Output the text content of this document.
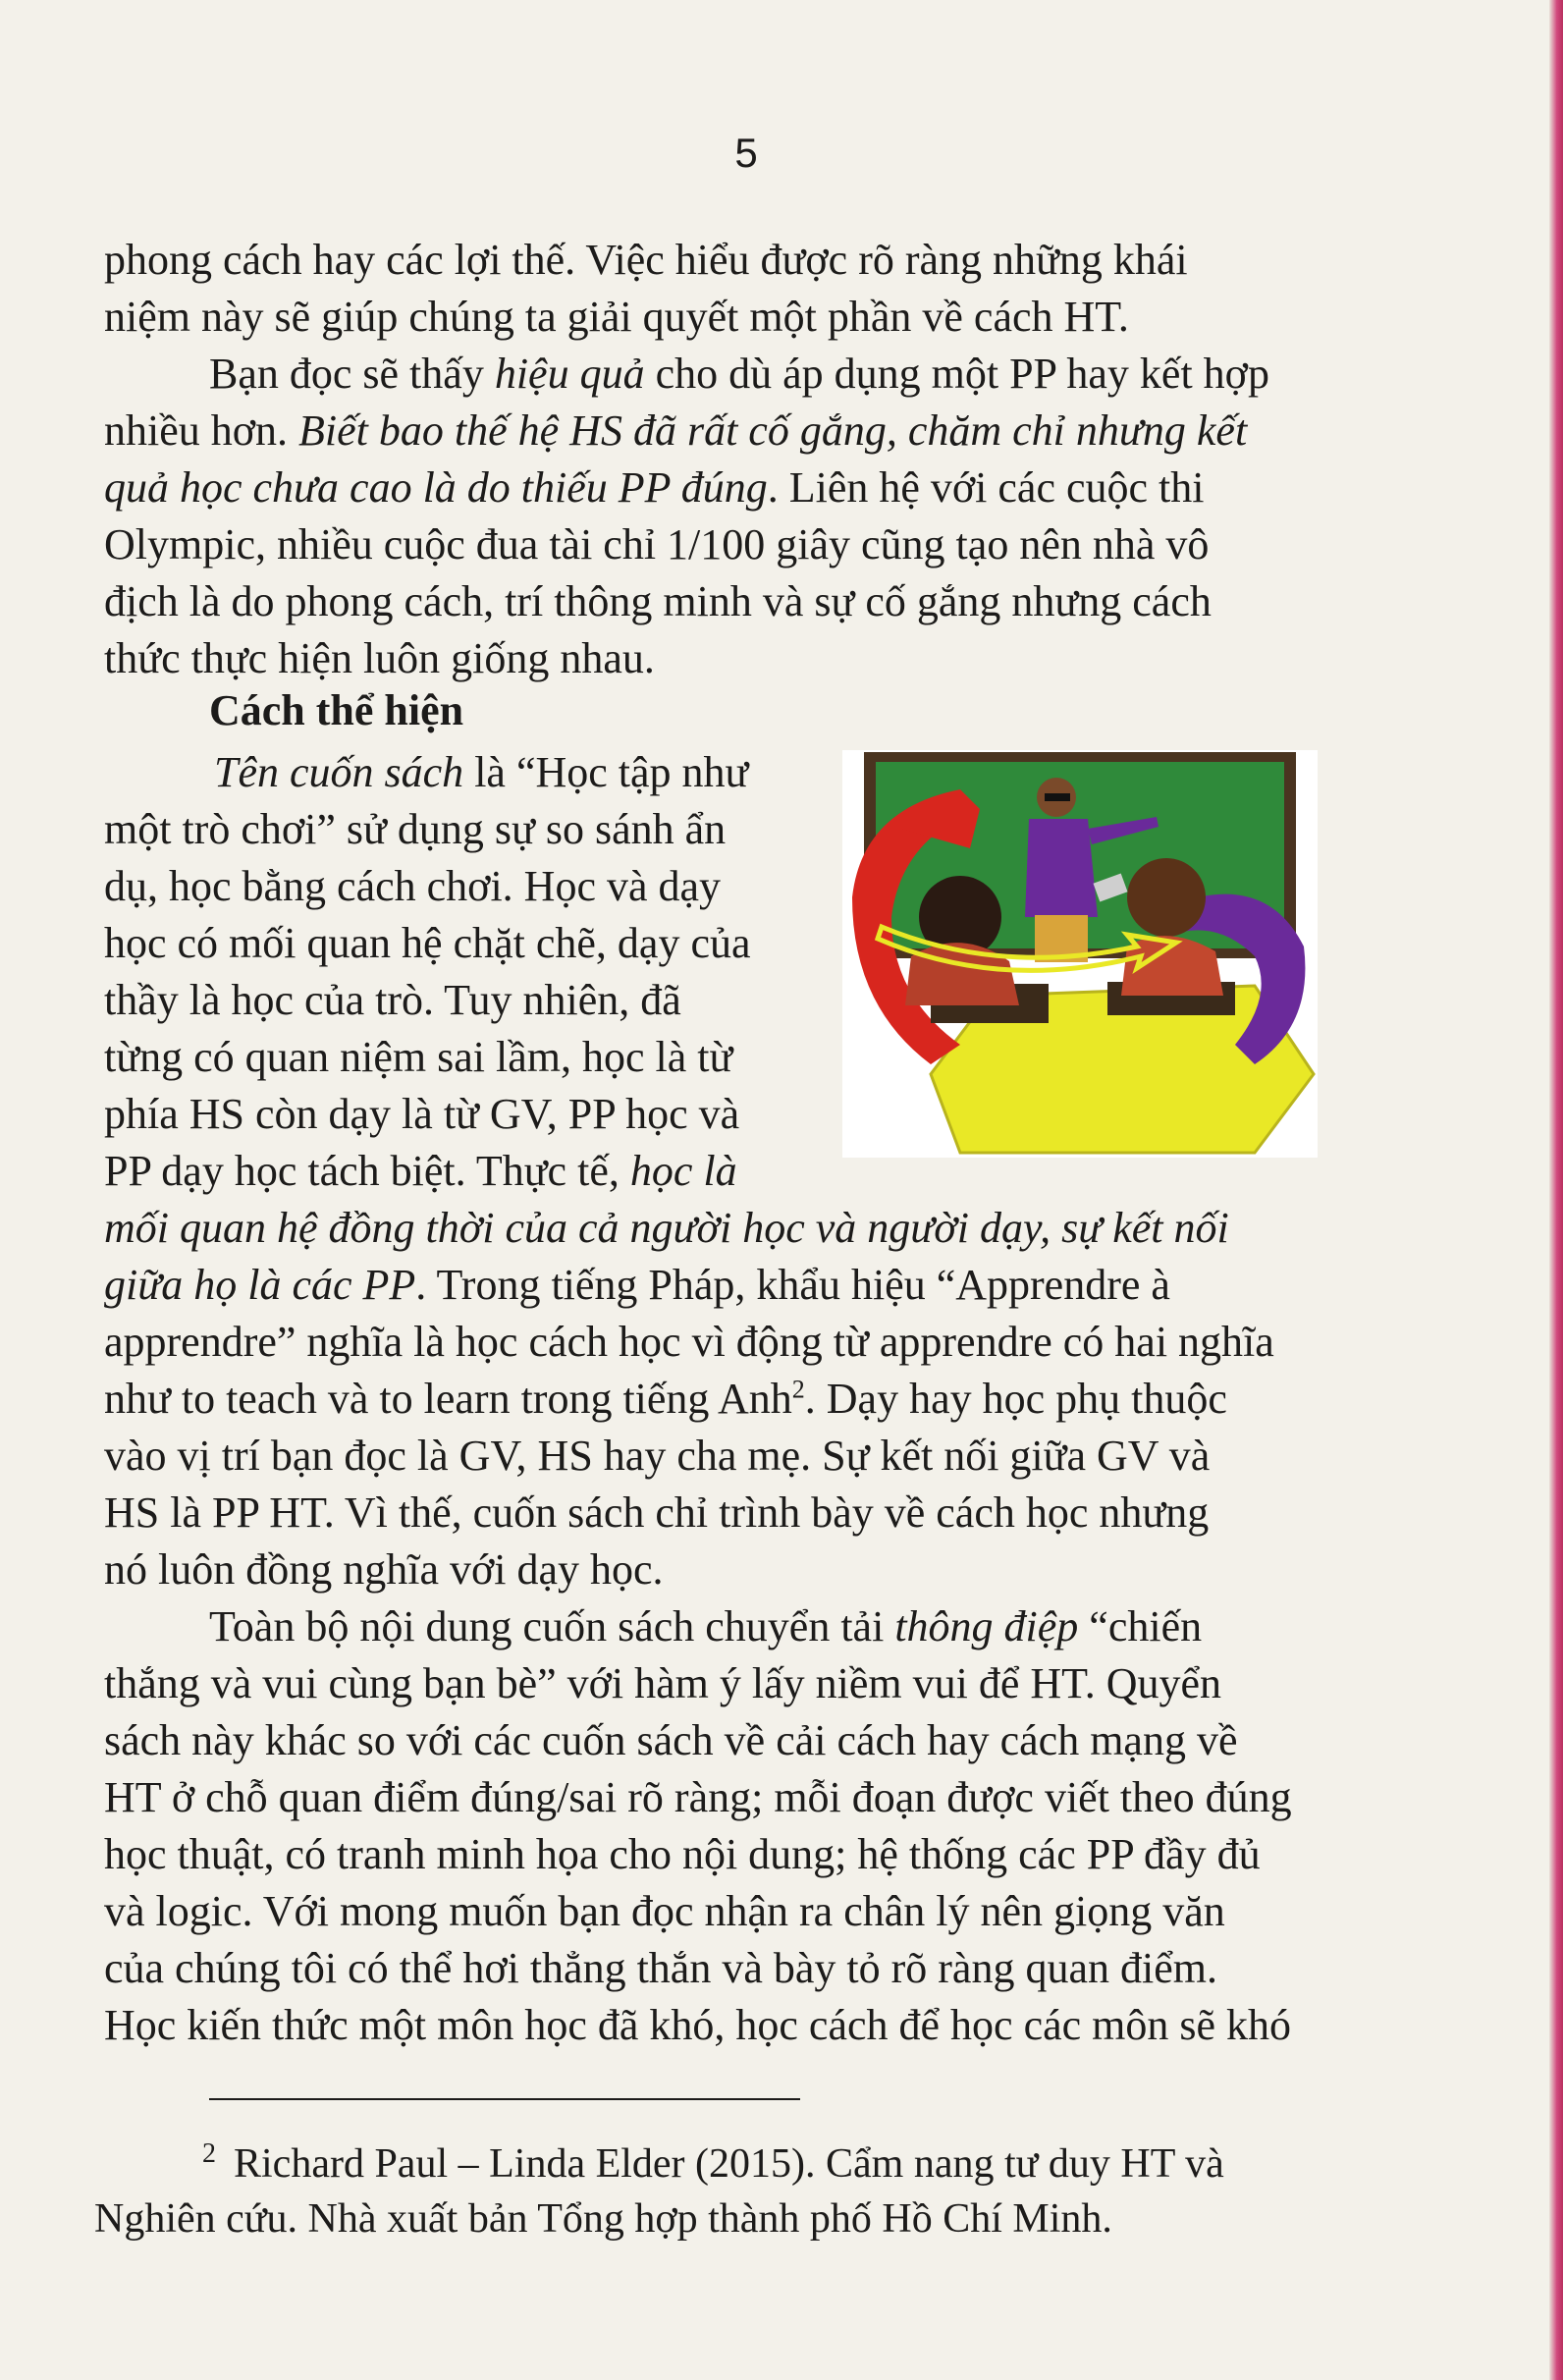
5

phong cách hay các lợi thế. Việc hiểu được rõ ràng những khái
niệm này sẽ giúp chúng ta giải quyết một phần về cách HT.

Bạn đọc sẽ thấy hiệu quả cho dù áp dụng một PP hay kết hợp
nhiều hơn. Biết bao thế hệ HS đã rất cố gắng, chăm chỉ nhưng kết
quả học chưa cao là do thiếu PP đúng. Liên hệ với các cuộc thi
Olympic, nhiều cuộc đua tài chỉ 1/100 giây cũng tạo nên nhà vô
địch là do phong cách, trí thông minh và sự cố gắng nhưng cách
thức thực hiện luôn giống nhau.

Cách thể hiện

Tên cuốn sách là “Học tập như
một trò chơi” sử dụng sự so sánh ẩn
dụ, học bằng cách chơi. Học và dạy
học có mối quan hệ chặt chẽ, dạy của
thầy là học của trò. Tuy nhiên, đã
từng có quan niệm sai lầm, học là từ
phía HS còn dạy là từ GV, PP học và
PP dạy học tách biệt. Thực tế, học là

mối quan hệ đồng thời của cả người học và người dạy, sự kết nối
giữa họ là các PP. Trong tiếng Pháp, khẩu hiệu “Apprendre à
apprendre” nghĩa là học cách học vì động từ apprendre có hai nghĩa
như to teach và to learn trong tiếng Anh$^2$. Dạy hay học phụ thuộc
vào vị trí bạn đọc là GV, HS hay cha mẹ. Sự kết nối giữa GV và
HS là PP HT. Vì thế, cuốn sách chỉ trình bày về cách học nhưng
nó luôn đồng nghĩa với dạy học.

Toàn bộ nội dung cuốn sách chuyển tải thông điệp “chiến
thắng và vui cùng bạn bè” với hàm ý lấy niềm vui để HT. Quyển
sách này khác so với các cuốn sách về cải cách hay cách mạng về
HT ở chỗ quan điểm đúng/sai rõ ràng; mỗi đoạn được viết theo đúng
học thuật, có tranh minh họa cho nội dung; hệ thống các PP đầy đủ
và logic. Với mong muốn bạn đọc nhận ra chân lý nên giọng văn
của chúng tôi có thể hơi thẳng thắn và bày tỏ rõ ràng quan điểm.
Học kiến thức một môn học đã khó, học cách để học các môn sẽ khó

$^2$ Richard Paul – Linda Elder (2015). Cẩm nang tư duy HT và
Nghiên cứu. Nhà xuất bản Tổng hợp thành phố Hồ Chí Minh.
